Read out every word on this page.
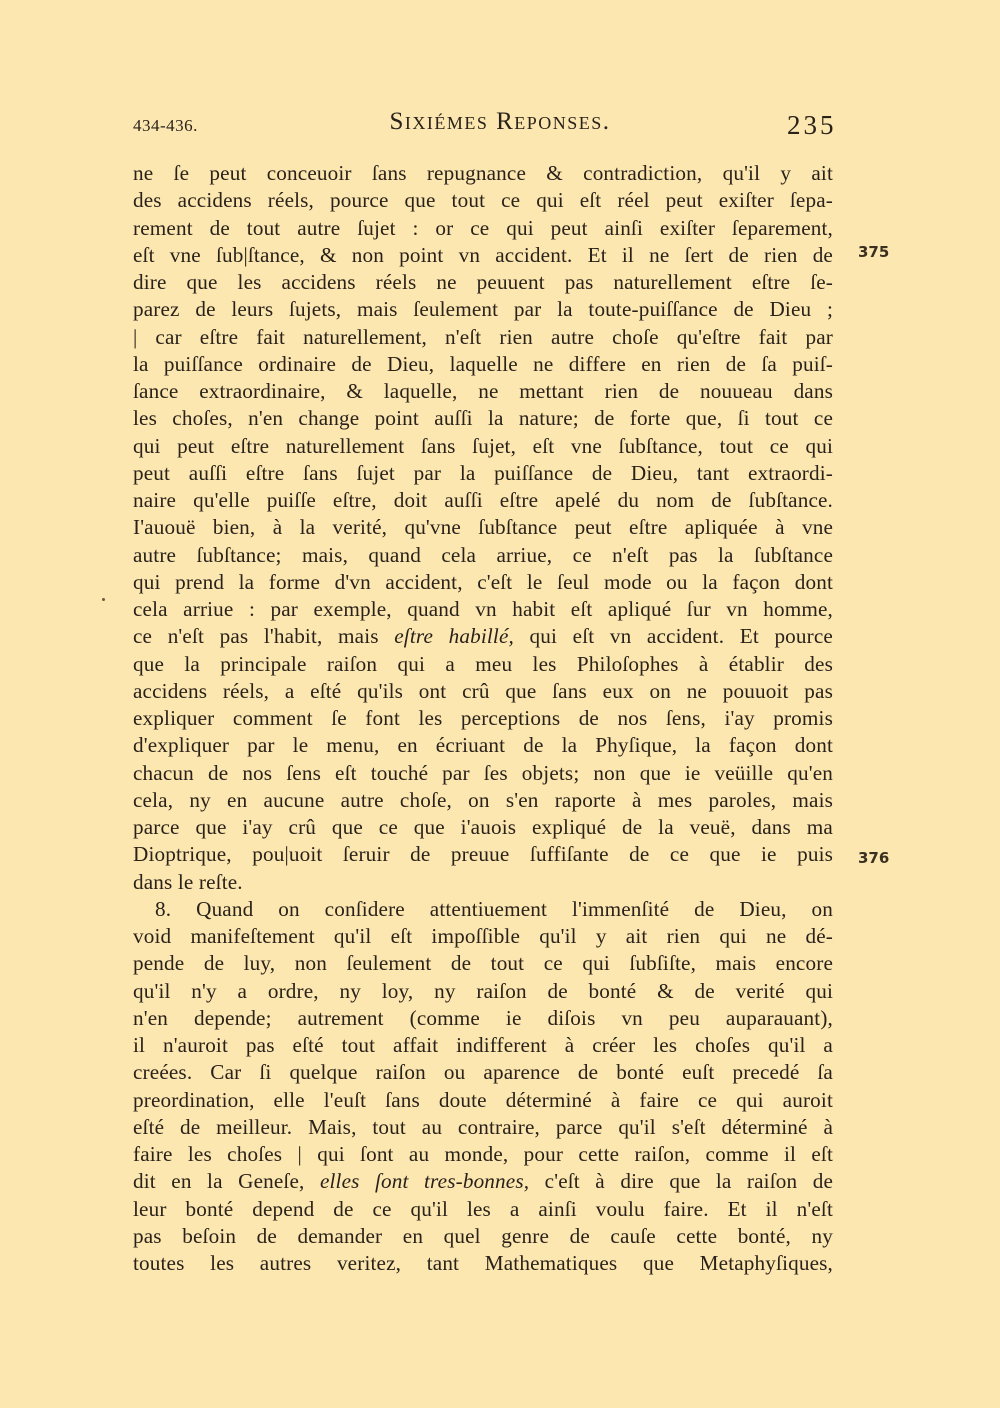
434-436.	Sixiémes Reponses.	235
375
376
ne ſe peut conceuoir ſans repugnance & contradiction, qu'il y ait
des accidens réels, pource que tout ce qui eſt réel peut exiſter ſepa-
rement de tout autre ſujet : or ce qui peut ainſi exiſter ſeparement,
eſt vne ſub|ſtance, & non point vn accident. Et il ne ſert de rien de
dire que les accidens réels ne peuuent pas naturellement eſtre ſe-
parez de leurs ſujets, mais ſeulement par la toute-puiſſance de Dieu ;
| car eſtre fait naturellement, n'eſt rien autre choſe qu'eſtre fait par
la puiſſance ordinaire de Dieu, laquelle ne differe en rien de ſa puiſ-
ſance extraordinaire, & laquelle, ne mettant rien de nouueau dans
les choſes, n'en change point auſſi la nature; de forte que, ſi tout ce
qui peut eſtre naturellement ſans ſujet, eſt vne ſubſtance, tout ce qui
peut auſſi eſtre ſans ſujet par la puiſſance de Dieu, tant extraordi-
naire qu'elle puiſſe eſtre, doit auſſi eſtre apelé du nom de ſubſtance.
I'auouë bien, à la verité, qu'vne ſubſtance peut eſtre apliquée à vne
autre ſubſtance; mais, quand cela arriue, ce n'eſt pas la ſubſtance
qui prend la forme d'vn accident, c'eſt le ſeul mode ou la façon dont
cela arriue : par exemple, quand vn habit eſt apliqué ſur vn homme,
ce n'eſt pas l'habit, mais eſtre habillé, qui eſt vn accident. Et pource
que la principale raiſon qui a meu les Philoſophes à établir des
accidens réels, a eſté qu'ils ont crû que ſans eux on ne pouuoit pas
expliquer comment ſe font les perceptions de nos ſens, i'ay promis
d'expliquer par le menu, en écriuant de la Phyſique, la façon dont
chacun de nos ſens eſt touché par ſes objets; non que ie veüille qu'en
cela, ny en aucune autre choſe, on s'en raporte à mes paroles, mais
parce que i'ay crû que ce que i'auois expliqué de la veuë, dans ma
Dioptrique, pou|uoit ſeruir de preuue ſuffiſante de ce que ie puis
dans le reſte.
8. Quand on conſidere attentiuement l'immenſité de Dieu, on
void manifeſtement qu'il eſt impoſſible qu'il y ait rien qui ne dé-
pende de luy, non ſeulement de tout ce qui ſubſiſte, mais encore
qu'il n'y a ordre, ny loy, ny raiſon de bonté & de verité qui
n'en depende; autrement (comme ie diſois vn peu auparauant),
il n'auroit pas eſté tout affait indifferent à créer les choſes qu'il a
creées. Car ſi quelque raiſon ou aparence de bonté euſt precedé ſa
preordination, elle l'euſt ſans doute déterminé à faire ce qui auroit
eſté de meilleur. Mais, tout au contraire, parce qu'il s'eſt déterminé à
faire les choſes | qui ſont au monde, pour cette raiſon, comme il eſt
dit en la Geneſe, elles ſont tres-bonnes, c'eſt à dire que la raiſon de
leur bonté depend de ce qu'il les a ainſi voulu faire. Et il n'eſt
pas beſoin de demander en quel genre de cauſe cette bonté, ny
toutes les autres veritez, tant Mathematiques que Metaphyſiques,
